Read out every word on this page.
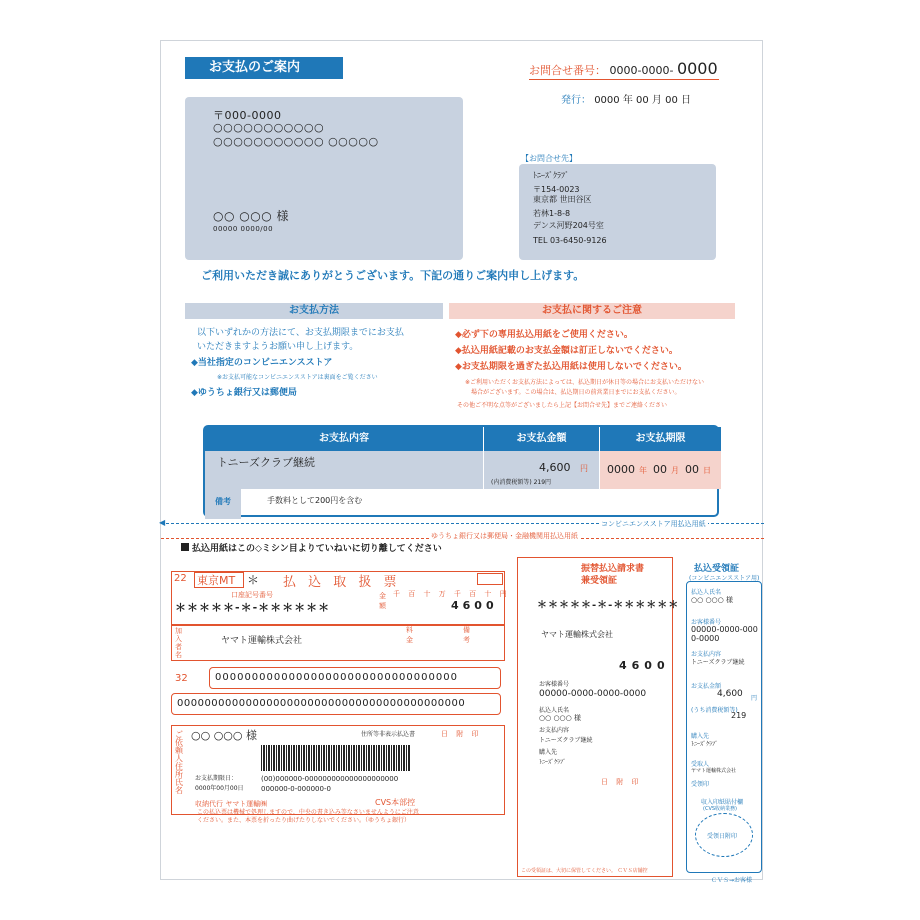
お支払のご案内	お問合せ番号： 0000-0000- 0000
発行： 0000 年 00 月 00 日
〒000-0000
○○○○○○○○○○○
○○○○○○○○○○○ ○○○○○
○○ ○○○ 様
00000 0000/00
【お問合せ先】
ﾄﾆｰｽﾞｸﾗﾌﾞ
〒154-0023
東京都 世田谷区
若林1-8-8
デンス河野204号室
TEL 03-6450-9126
ご利用いただき誠にありがとうございます。下記の通りご案内申し上げます。
お支払方法
以下いずれかの方法にて、お支払期限までにお支払
いただきますようお願い申し上げます。
◆当社指定のコンビニエンスストア
※お支払可能なコンビニエンスストアは裏面をご覧ください
◆ゆうちょ銀行又は郵便局
お支払に関するご注意
◆必ず下の専用払込用紙をご使用ください。
◆払込用紙記載のお支払金額は訂正しないでください。
◆お支払期限を過ぎた払込用紙は使用しないでください。
※ご利用いただくお支払方法によっては、払込期日が休日等の場合にお支払いただけない
場合がございます。この場合は、払込期日の前営業日までにお支払ください。
その他ご不明な点等がございましたら上記【お問合せ先】までご連絡ください
お支払内容	お支払金額	お支払期限
トニーズクラブ継続	4,600 円
(内消費税額等) 219円
0000 年 00 月 00 日
備考	手数料として200円を含む
◀	コンビニエンスストア用払込用紙
ゆうちょ銀行又は郵便局・金融機関用払込用紙
払込用紙はこの◇ミシン目よりていねいに切り離してください
22 東京MT ＊ 払 込 取 扱 票
口座記号番号
＊＊＊＊＊-＊-＊＊＊＊＊＊
金額
千 百 十 万 千 百 十 円
4600
加入者名
ヤマト運輸株式会社
料金
備考
32	000000000000000000000000000000000
000000000000000000000000000000000000000000
ご依頼人住所氏名
○○ ○○○ 様	住所等非表示払込書	日 附 印
お支払期限日：
0000年00月00日
(00)000000-000000000000000000000
000000-0-000000-0
収納代行 ヤマト運輸㈱	CVS本部控
この払込票は機械で処理しますので、中央の書き込み等なさいませんようにご注意
ください。また、本票を折ったり曲げたりしないでください。（ゆうちょ銀行）
振替払込請求書
兼受領証
＊＊＊＊＊-＊-＊＊＊＊＊＊
ヤマト運輸株式会社
4600
お客様番号
00000-0000-0000-0000
払込人氏名
○○ ○○○ 様
お支払内容
トニーズクラブ継続
購入先
ﾄﾆｰｽﾞｸﾗﾌﾞ
日 附 印
この受領証は、大切に保管してください。 ＣＶＳ店舗控
払込受領証
(コンビニエンスストア用)
払込人氏名
○○ ○○○ 様
お客様番号
00000-0000-0000-0000
お支払内容
トニーズクラブ継続
お支払金額
4,600 円
(うち消費税額等)
219
購入先
ﾄﾆｰｽﾞｸﾗﾌﾞ
受取人
ヤマト運輸株式会社
受領印
収入印紙貼付欄
(CVS收納業務)
受領日附印
ＣＶＳ→お客様
